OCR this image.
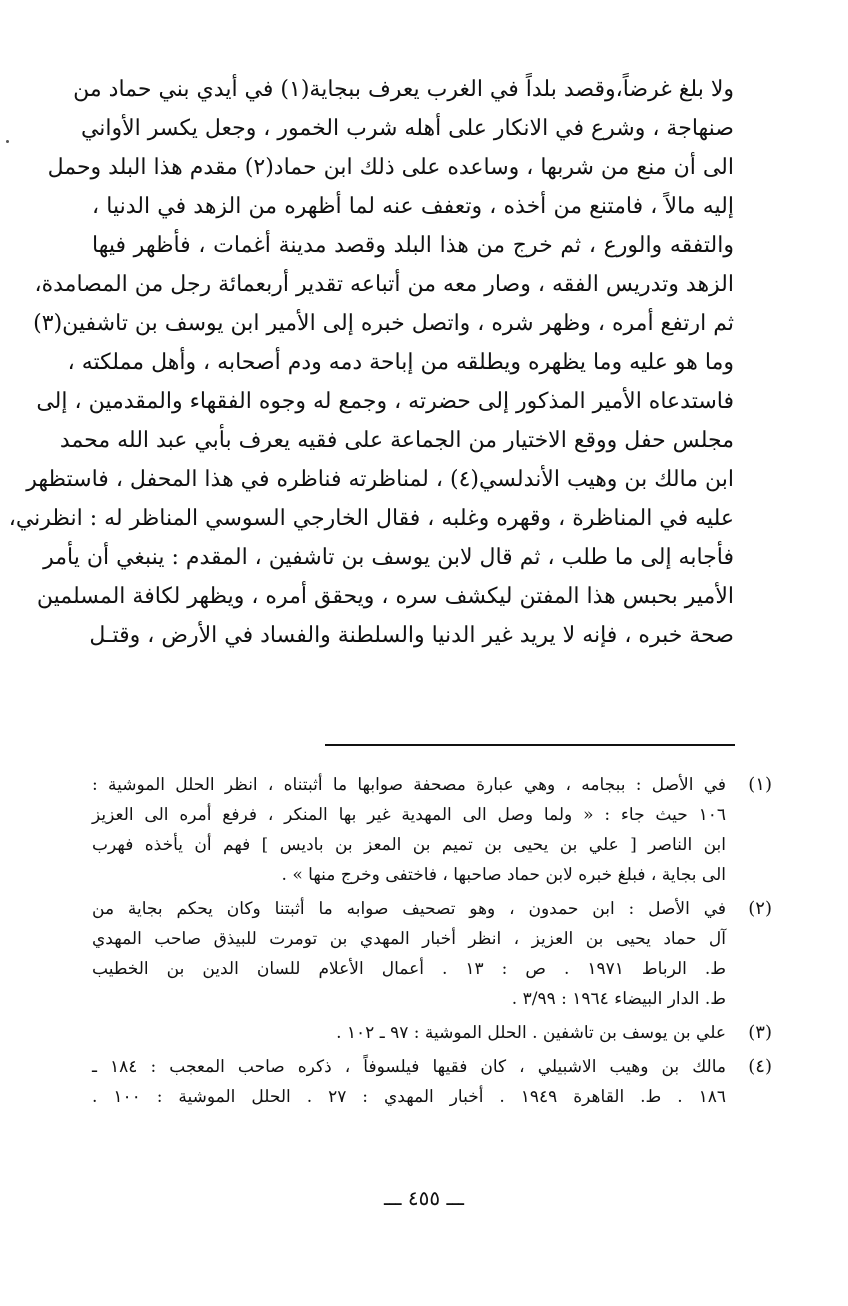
ولا بلغ غرضاً،وقصد بلداً في الغرب يعرف ببجاية(١) في أيدي بني حماد من
صنهاجة ، وشرع في الانكار على أهله شرب الخمور ، وجعل يكسر الأواني
الى أن منع من شربها ، وساعده على ذلك ابن حماد(٢) مقدم هذا البلد وحمل
إليه مالاً ، فامتنع من أخذه ، وتعفف عنه لما أظهره من الزهد في الدنيا ،
والتفقه والورع ، ثم خرج من هذا البلد وقصد مدينة أغمات ، فأظهر فيها
الزهد وتدريس الفقه ، وصار معه من أتباعه تقدير أربعمائة رجل من المصامدة،
ثم ارتفع أمره ، وظهر شره ، واتصل خبره إلى الأمير ابن يوسف بن تاشفين(٣)
وما هو عليه وما يظهره ويطلقه من إباحة دمه ودم أصحابه ، وأهل مملكته ،
فاستدعاه الأمير المذكور إلى حضرته ، وجمع له وجوه الفقهاء والمقدمين ، إلى
مجلس حفل ووقع الاختيار من الجماعة على فقيه يعرف بأبي عبد الله محمد
ابن مالك بن وهيب الأندلسي(٤) ، لمناظرته فناظره في هذا المحفل ، فاستظهر
عليه في المناظرة ، وقهره وغلبه ، فقال الخارجي السوسي المناظر له : انظرني،
فأجابه إلى ما طلب ، ثم قال لابن يوسف بن تاشفين ، المقدم : ينبغي أن يأمر
الأمير بحبس هذا المفتن ليكشف سره ، ويحقق أمره ، ويظهر لكافة المسلمين
صحة خبره ، فإنه لا يريد غير الدنيا والسلطنة والفساد في الأرض ، وقتـل
(١)
في الأصل : ببجامه ، وهي عبارة مصحفة صوابها ما أثبتناه ، انظر الحلل الموشية :
١٠٦ حيث جاء : « ولما وصل الى المهدية غير بها المنكر ، فرفع أمره الى العزيز
ابن الناصر [ علي بن يحيى بن تميم بن المعز بن باديس ] فهم أن يأخذه فهرب
الى بجاية ، فبلغ خبره لابن حماد صاحبها ، فاختفى وخرج منها » .
(٢)
في الأصل : ابن حمدون ، وهو تصحيف صوابه ما أثبتنا وكان يحكم بجاية من
آل حماد يحيى بن العزيز ، انظر أخبار المهدي بن تومرت للبيذق صاحب المهدي
ط. الرباط ١٩٧١ . ص : ١٣ . أعمال الأعلام للسان الدين بن الخطيب
ط. الدار البيضاء ١٩٦٤ : ٣/٩٩ .
(٣)
علي بن يوسف بن تاشفين . الحلل الموشية : ٩٧ ـ ١٠٢ .
(٤)
مالك بن وهيب الاشبيلي ، كان فقيها فيلسوفاً ، ذكره صاحب المعجب : ١٨٤ ـ
١٨٦ . ط. القاهرة ١٩٤٩ . أخبار المهدي : ٢٧ . الحلل الموشية : ١٠٠ .
ـــ ٤٥٥ ـــ
